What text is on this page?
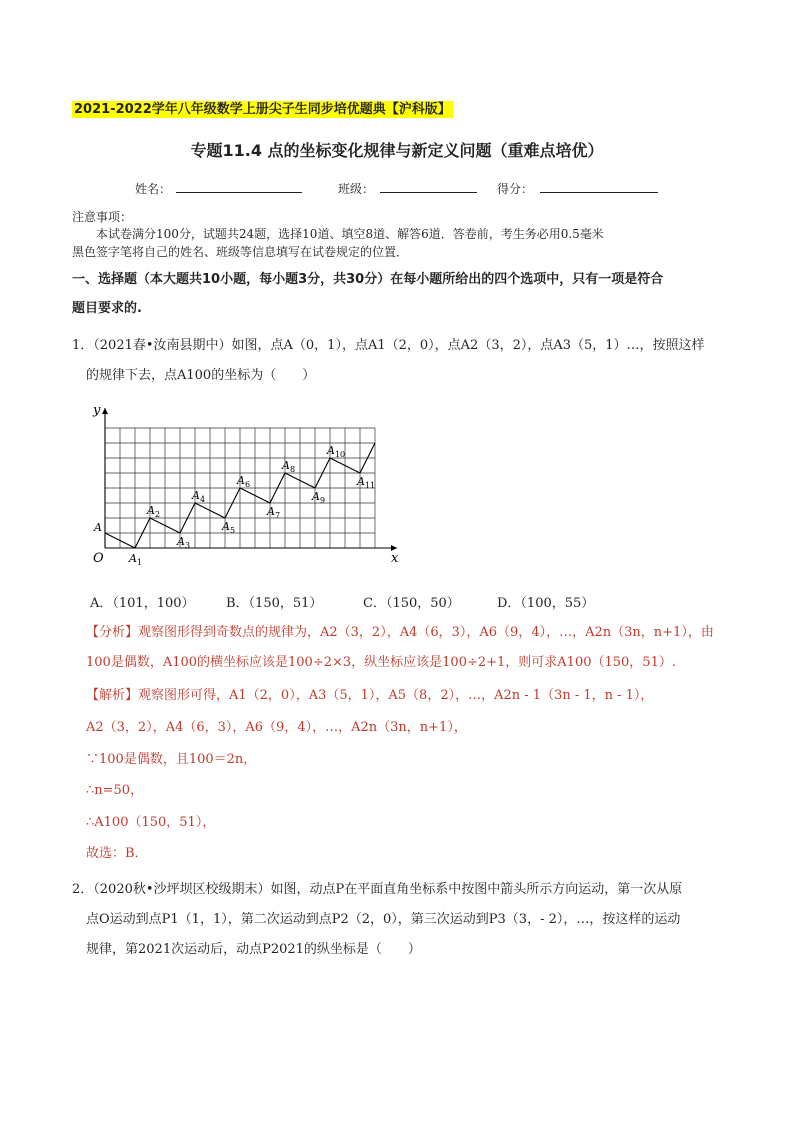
2021-2022学年八年级数学上册尖子生同步培优题典【沪科版】
专题11.4 点的坐标变化规律与新定义问题（重难点培优）
姓名：	班级：	得分：
注意事项：
本试卷满分100分，试题共24题，选择10道、填空8道、解答6道．答卷前，考生务必用0.5毫米
黑色签字笔将自己的姓名、班级等信息填写在试卷规定的位置．
一、选择题（本大题共10小题，每小题3分，共30分）在每小题所给出的四个选项中，只有一项是符合
题目要求的.
1．（2021春•汝南县期中）如图，点A（0，1），点A1（2，0），点A2（3，2），点A3（5，1）…，按照这样
的规律下去，点A100的坐标为（　　）
x
y
O
A
$A_1$
$A_2$
$A_3$
$A_4$
$A_5$
$A_6$
$A_7$
$A_8$
$A_9$
$A_{10}$
$A_{11}$
A．（101，100） B．（150，51）	C．（150，50）	D．（100，55）
【分析】观察图形得到奇数点的规律为，A2（3，2），A4（6，3），A6（9，4），…，A2n（3n，n+1），由
100是偶数，A100的横坐标应该是100÷2×3，纵坐标应该是100÷2+1，则可求A100（150，51）.
【解析】观察图形可得，A1（2，0），A3（5，1），A5（8，2），…，A2n - 1（3n - 1，n - 1），
A2（3，2），A4（6，3），A6（9，4），…，A2n（3n，n+1），
∵100是偶数，且100＝2n，
∴n=50，
∴A100（150，51），
故选：B．
2．（2020秋•沙坪坝区校级期末）如图，动点P在平面直角坐标系中按图中箭头所示方向运动，第一次从原
点O运动到点P1（1，1），第二次运动到点P2（2，0），第三次运动到P3（3，- 2），…，按这样的运动
规律，第2021次运动后，动点P2021的纵坐标是（　　）
